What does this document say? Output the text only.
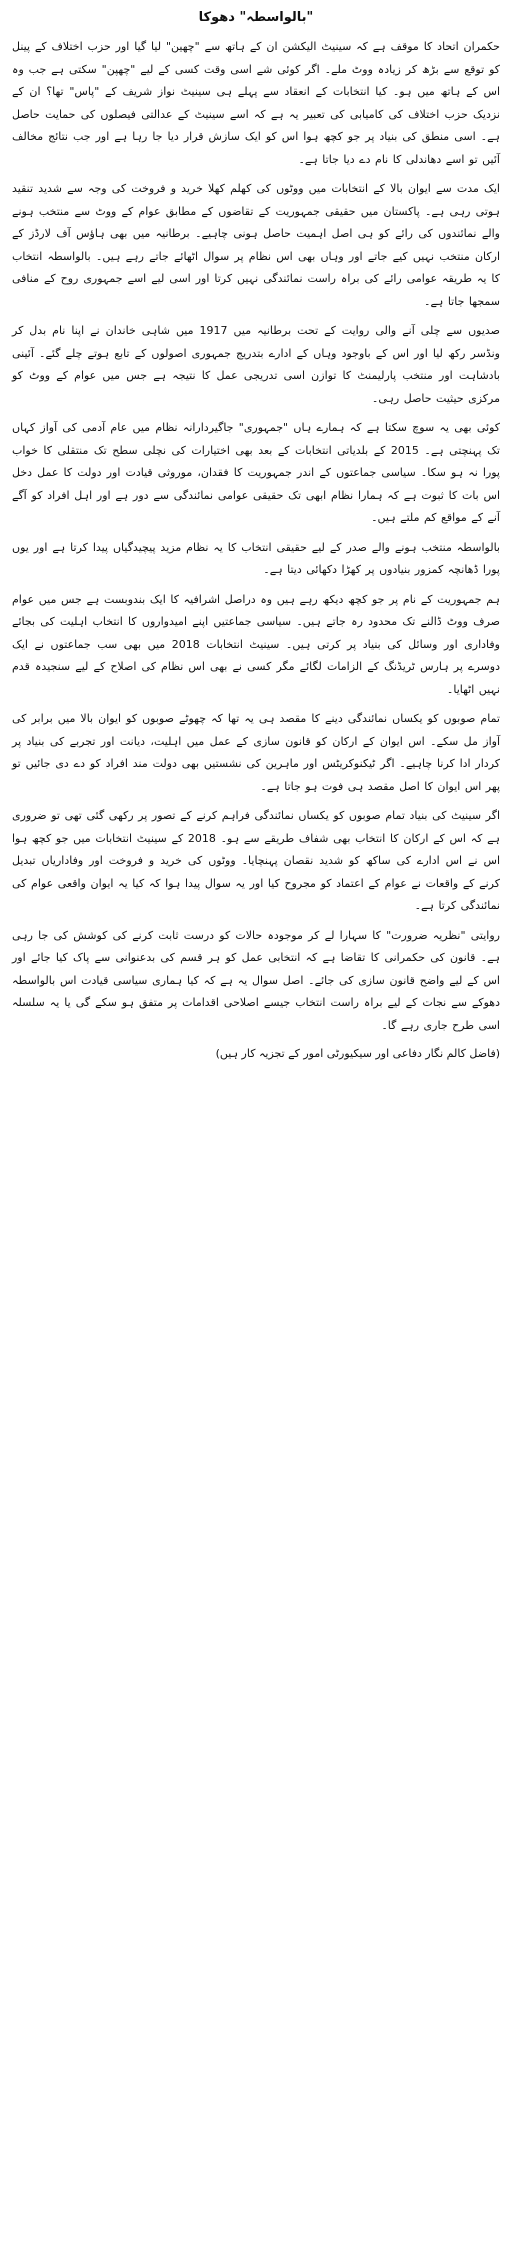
"بالواسطہ" دھوکا

حکمران اتحاد کا موقف ہے کہ سینیٹ الیکشن ان کے ہاتھ سے "چھین" لیا گیا اور حزب اختلاف کے پینل کو توقع سے بڑھ کر زیادہ ووٹ ملے۔ اگر کوئی شے اسی وقت کسی کے لیے "چھپن" سکتی ہے جب وہ اس کے ہاتھ میں ہو۔ کیا انتخابات کے انعقاد سے پہلے ہی سینیٹ نواز شریف کے "پاس" تھا؟ ان کے نزدیک حزب اختلاف کی کامیابی کی تعبیر یہ ہے کہ اسے سینیٹ کے عدالتی فیصلوں کی حمایت حاصل ہے۔ اسی منطق کی بنیاد پر جو کچھ ہوا اس کو ایک سازش قرار دیا جا رہا ہے اور جب نتائج مخالف آئیں تو اسے دھاندلی کا نام دے دیا جاتا ہے۔

ایک مدت سے ایوان بالا کے انتخابات میں ووٹوں کی کھلم کھلا خرید و فروخت کی وجہ سے شدید تنقید ہوتی رہی ہے۔ پاکستان میں حقیقی جمہوریت کے تقاضوں کے مطابق عوام کے ووٹ سے منتخب ہونے والے نمائندوں کی رائے کو ہی اصل اہمیت حاصل ہونی چاہیے۔ برطانیہ میں بھی ہاؤس آف لارڈز کے ارکان منتخب نہیں کیے جاتے اور وہاں بھی اس نظام پر سوال اٹھائے جاتے رہے ہیں۔ بالواسطہ انتخاب کا یہ طریقہ عوامی رائے کی براہ راست نمائندگی نہیں کرتا اور اسی لیے اسے جمہوری روح کے منافی سمجھا جاتا ہے۔

صدیوں سے چلی آنے والی روایت کے تحت برطانیہ میں 1917 میں شاہی خاندان نے اپنا نام بدل کر ونڈسر رکھ لیا اور اس کے باوجود وہاں کے ادارے بتدریج جمہوری اصولوں کے تابع ہوتے چلے گئے۔ آئینی بادشاہت اور منتخب پارلیمنٹ کا توازن اسی تدریجی عمل کا نتیجہ ہے جس میں عوام کے ووٹ کو مرکزی حیثیت حاصل رہی۔

کوئی بھی یہ سوچ سکتا ہے کہ ہمارے ہاں "جمہوری" جاگیردارانہ نظام میں عام آدمی کی آواز کہاں تک پہنچتی ہے۔ 2015 کے بلدیاتی انتخابات کے بعد بھی اختیارات کی نچلی سطح تک منتقلی کا خواب پورا نہ ہو سکا۔ سیاسی جماعتوں کے اندر جمہوریت کا فقدان، موروثی قیادت اور دولت کا عمل دخل اس بات کا ثبوت ہے کہ ہمارا نظام ابھی تک حقیقی عوامی نمائندگی سے دور ہے اور اہل افراد کو آگے آنے کے مواقع کم ملتے ہیں۔

بالواسطہ منتخب ہونے والے صدر کے لیے حقیقی انتخاب کا یہ نظام مزید پیچیدگیاں پیدا کرتا ہے اور یوں پورا ڈھانچہ کمزور بنیادوں پر کھڑا دکھائی دیتا ہے۔

ہم جمہوریت کے نام پر جو کچھ دیکھ رہے ہیں وہ دراصل اشرافیہ کا ایک بندوبست ہے جس میں عوام صرف ووٹ ڈالنے تک محدود رہ جاتے ہیں۔ سیاسی جماعتیں اپنے امیدواروں کا انتخاب اہلیت کی بجائے وفاداری اور وسائل کی بنیاد پر کرتی ہیں۔ سینیٹ انتخابات 2018 میں بھی سب جماعتوں نے ایک دوسرے پر ہارس ٹریڈنگ کے الزامات لگائے مگر کسی نے بھی اس نظام کی اصلاح کے لیے سنجیدہ قدم نہیں اٹھایا۔

تمام صوبوں کو یکساں نمائندگی دینے کا مقصد ہی یہ تھا کہ چھوٹے صوبوں کو ایوان بالا میں برابر کی آواز مل سکے۔ اس ایوان کے ارکان کو قانون سازی کے عمل میں اہلیت، دیانت اور تجربے کی بنیاد پر کردار ادا کرنا چاہیے۔ اگر ٹیکنوکریٹس اور ماہرین کی نشستیں بھی دولت مند افراد کو دے دی جائیں تو پھر اس ایوان کا اصل مقصد ہی فوت ہو جاتا ہے۔

اگر سینیٹ کی بنیاد تمام صوبوں کو یکساں نمائندگی فراہم کرنے کے تصور پر رکھی گئی تھی تو ضروری ہے کہ اس کے ارکان کا انتخاب بھی شفاف طریقے سے ہو۔ 2018 کے سینیٹ انتخابات میں جو کچھ ہوا اس نے اس ادارے کی ساکھ کو شدید نقصان پہنچایا۔ ووٹوں کی خرید و فروخت اور وفاداریاں تبدیل کرنے کے واقعات نے عوام کے اعتماد کو مجروح کیا اور یہ سوال پیدا ہوا کہ کیا یہ ایوان واقعی عوام کی نمائندگی کرتا ہے۔

روایتی "نظریہ ضرورت" کا سہارا لے کر موجودہ حالات کو درست ثابت کرنے کی کوشش کی جا رہی ہے۔ قانون کی حکمرانی کا تقاضا ہے کہ انتخابی عمل کو ہر قسم کی بدعنوانی سے پاک کیا جائے اور اس کے لیے واضح قانون سازی کی جائے۔ اصل سوال یہ ہے کہ کیا ہماری سیاسی قیادت اس بالواسطہ دھوکے سے نجات کے لیے براہ راست انتخاب جیسے اصلاحی اقدامات پر متفق ہو سکے گی یا یہ سلسلہ اسی طرح جاری رہے گا۔

(فاضل کالم نگار دفاعی اور سیکیورٹی امور کے تجزیہ کار ہیں)
